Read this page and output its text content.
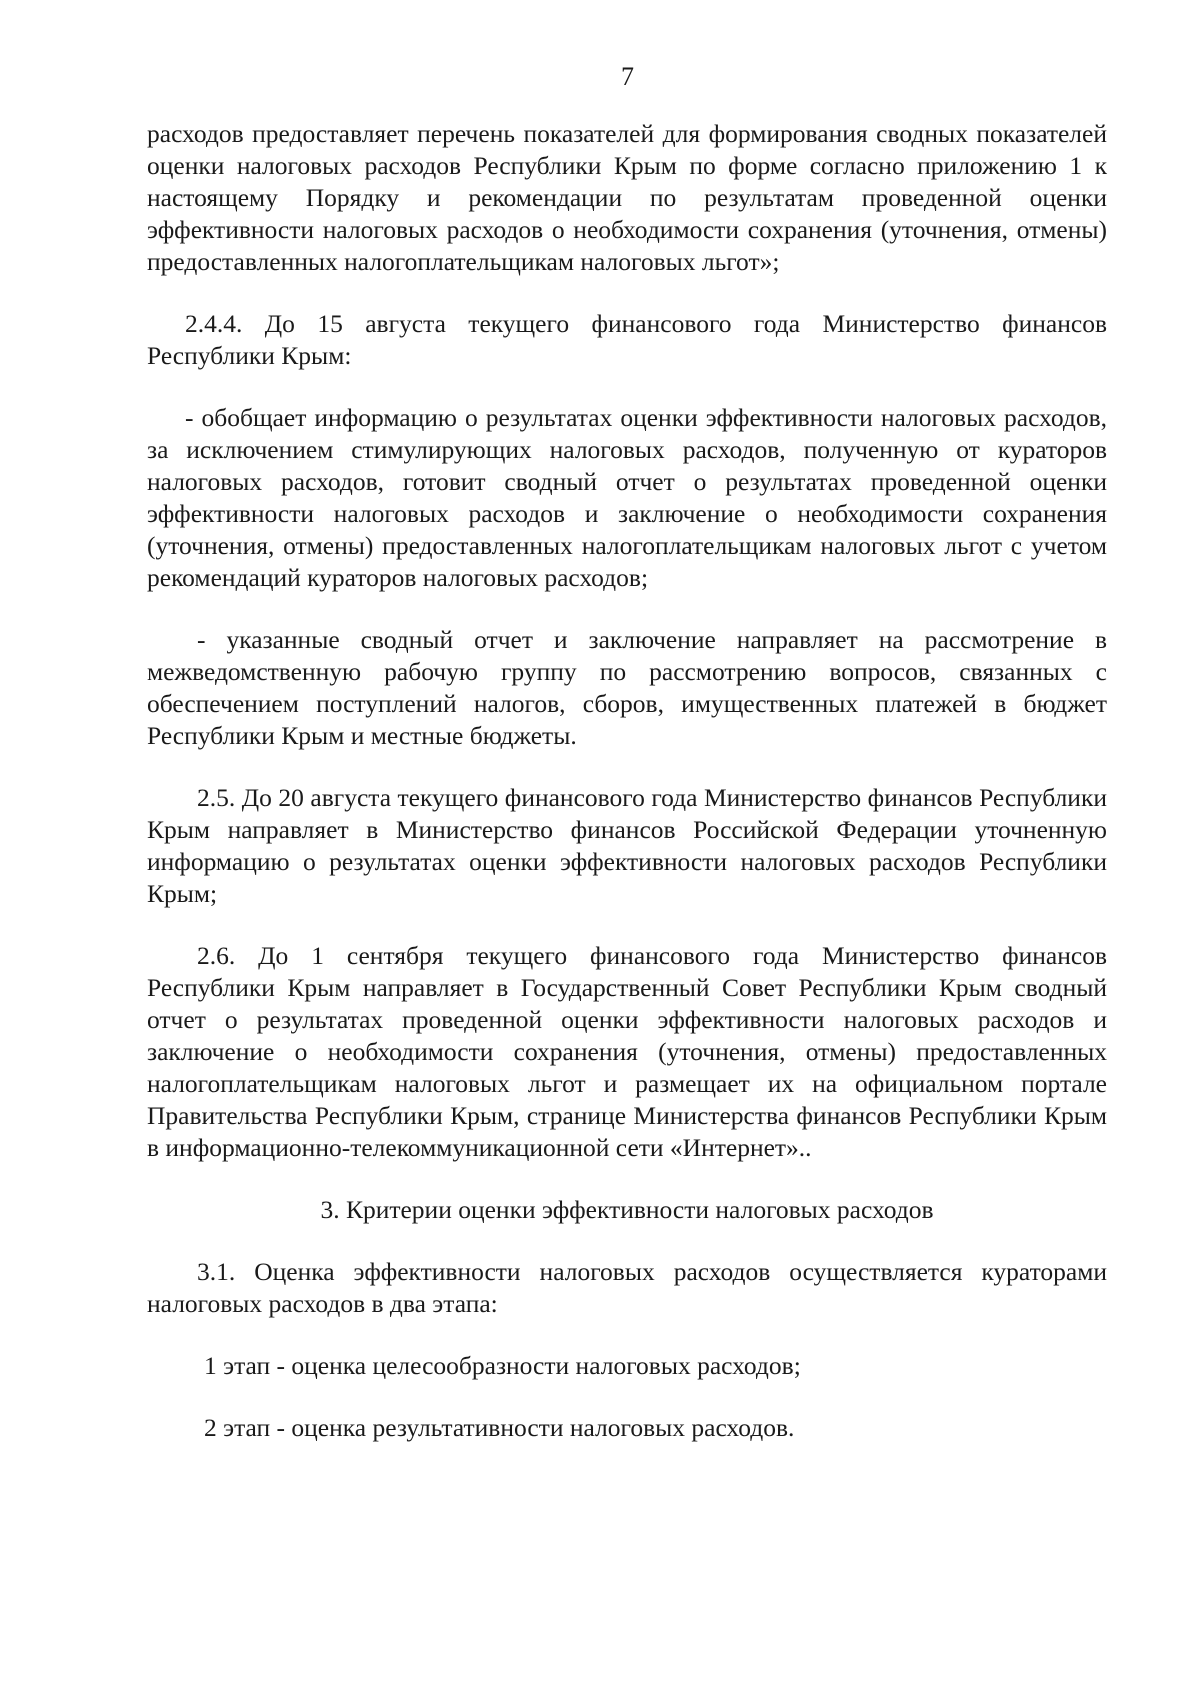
7

расходов предоставляет перечень показателей для формирования сводных показателей оценки налоговых расходов Республики Крым по форме согласно приложению 1 к настоящему Порядку и рекомендации по результатам проведенной оценки эффективности налоговых расходов о необходимости сохранения (уточнения, отмены) предоставленных налогоплательщикам налоговых льгот»;

2.4.4. До 15 августа текущего финансового года Министерство финансов Республики Крым:

- обобщает информацию о результатах оценки эффективности налоговых расходов, за исключением стимулирующих налоговых расходов, полученную от кураторов налоговых расходов, готовит сводный отчет о результатах проведенной оценки эффективности налоговых расходов и заключение о необходимости сохранения (уточнения, отмены) предоставленных налогоплательщикам налоговых льгот с учетом рекомендаций кураторов налоговых расходов;

- указанные сводный отчет и заключение направляет на рассмотрение в межведомственную рабочую группу по рассмотрению вопросов, связанных с обеспечением поступлений налогов, сборов, имущественных платежей в бюджет Республики Крым и местные бюджеты.

2.5. До 20 августа текущего финансового года Министерство финансов Республики Крым направляет в Министерство финансов Российской Федерации уточненную информацию о результатах оценки эффективности налоговых расходов Республики Крым;

2.6. До 1 сентября текущего финансового года Министерство финансов Республики Крым направляет в Государственный Совет Республики Крым сводный отчет о результатах проведенной оценки эффективности налоговых расходов и заключение о необходимости сохранения (уточнения, отмены) предоставленных налогоплательщикам налоговых льгот и размещает их на официальном портале Правительства Республики Крым, странице Министерства финансов Республики Крым в информационно-телекоммуникационной сети «Интернет»..

3. Критерии оценки эффективности налоговых расходов

3.1. Оценка эффективности налоговых расходов осуществляется кураторами налоговых расходов в два этапа:

1 этап - оценка целесообразности налоговых расходов;

2 этап - оценка результативности налоговых расходов.
